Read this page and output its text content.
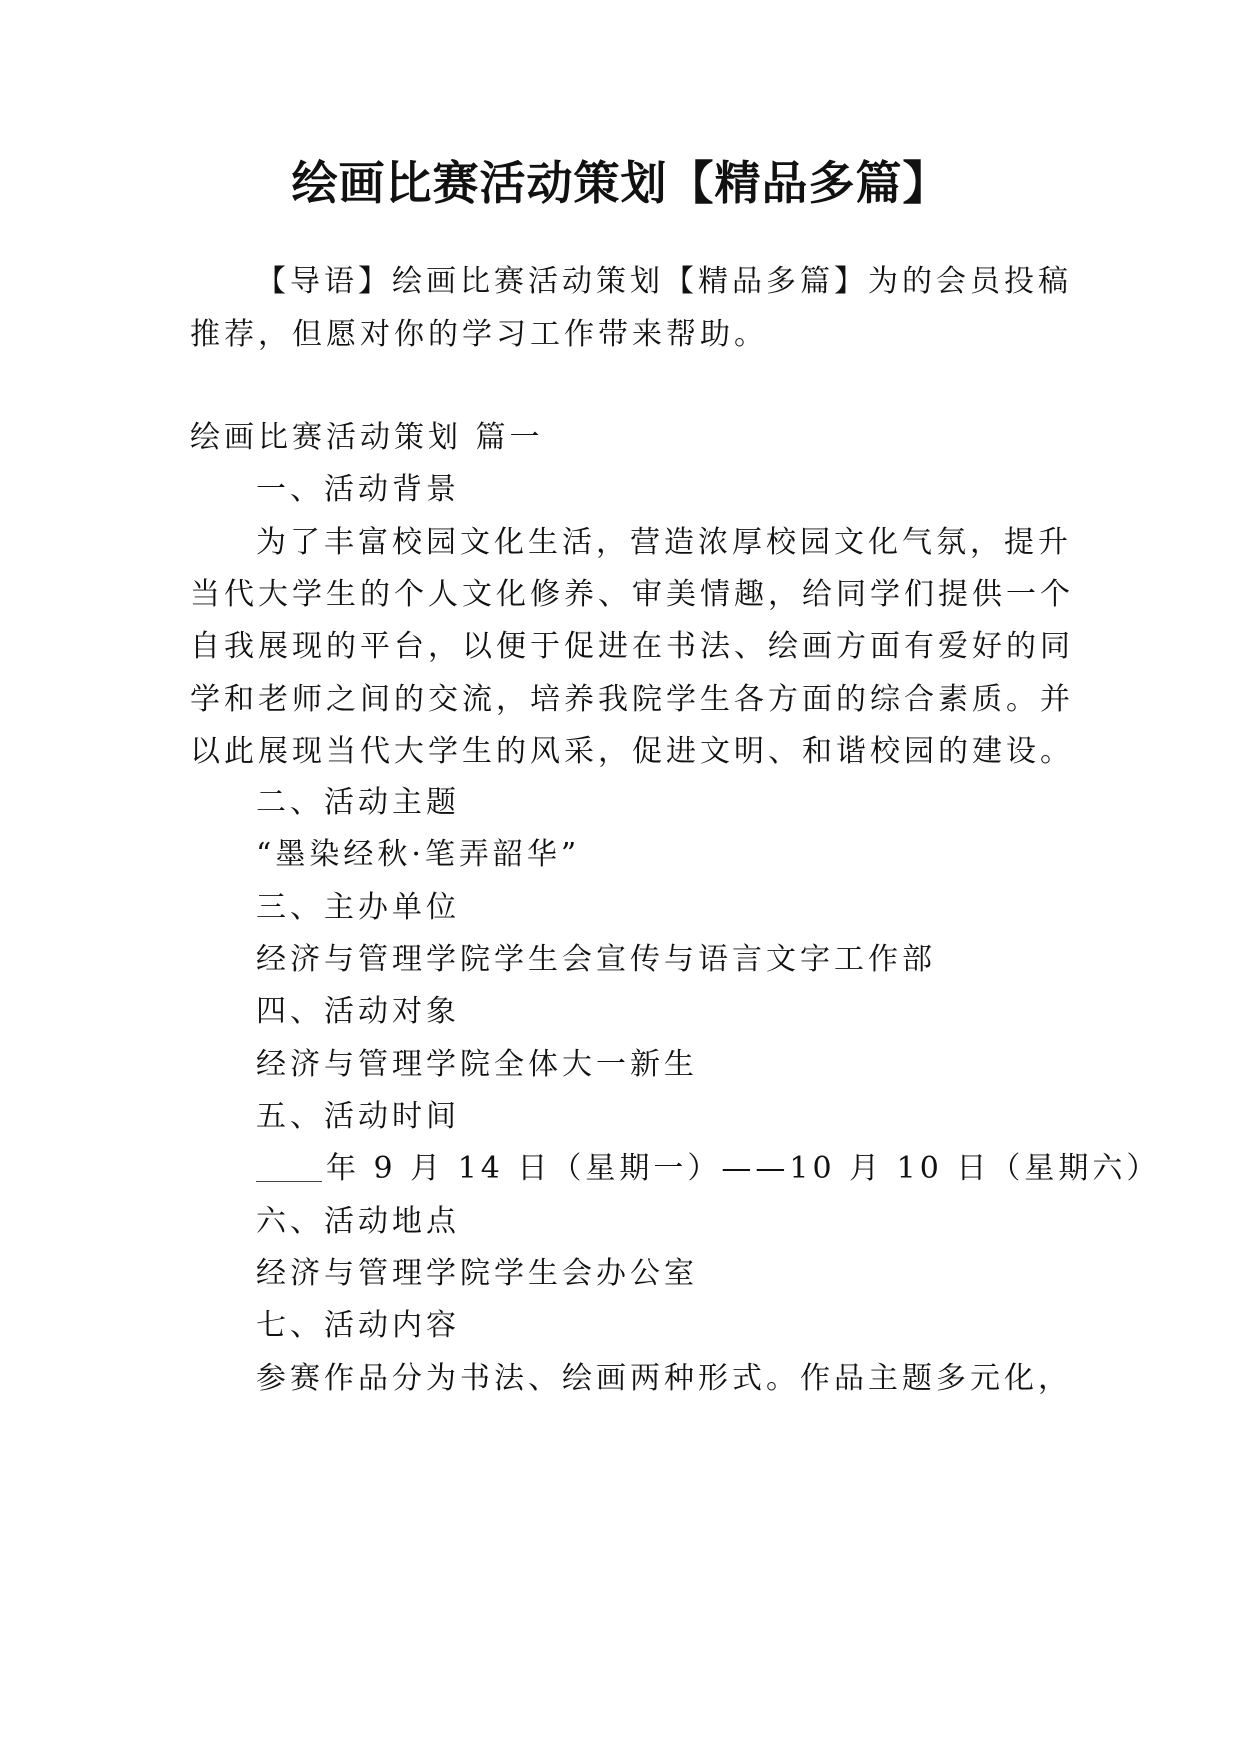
绘画比赛活动策划【精品多篇】
【导语】绘画比赛活动策划【精品多篇】为的会员投稿
推荐，但愿对你的学习工作带来帮助。
绘画比赛活动策划 篇一
一、活动背景
为了丰富校园文化生活，营造浓厚校园文化气氛，提升
当代大学生的个人文化修养、审美情趣，给同学们提供一个
自我展现的平台，以便于促进在书法、绘画方面有爱好的同
学和老师之间的交流，培养我院学生各方面的综合素质。并
以此展现当代大学生的风采，促进文明、和谐校园的建设。
二、活动主题
“墨染经秋·笔弄韶华”
三、主办单位
经济与管理学院学生会宣传与语言文字工作部
四、活动对象
经济与管理学院全体大一新生
五、活动时间
年 9 月 14 日（星期一）——10 月 10 日（星期六）
六、活动地点
经济与管理学院学生会办公室
七、活动内容
参赛作品分为书法、绘画两种形式。作品主题多元化，
